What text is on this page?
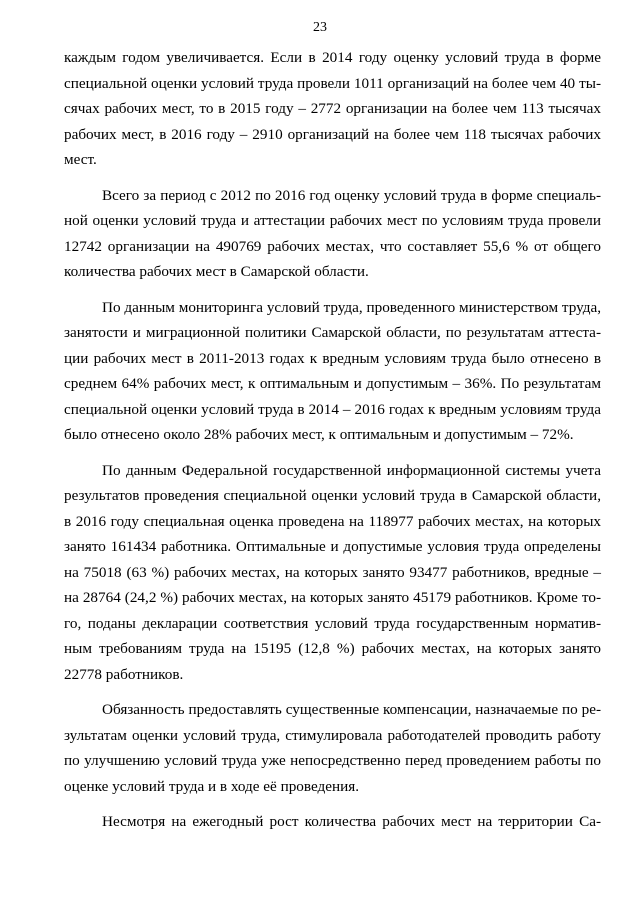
23

каждым годом увеличивается. Если в 2014 году оценку условий труда в форме специальной оценки условий труда провели 1011 организаций на более чем 40 тысячах рабочих мест, то в 2015 году – 2772 организации на более чем 113 тысячах рабочих мест, в 2016 году – 2910 организаций на более чем 118 тысячах рабочих мест.

Всего за период с 2012 по 2016 год оценку условий труда в форме специальной оценки условий труда и аттестации рабочих мест по условиям труда провели 12742 организации на 490769 рабочих местах, что составляет 55,6 % от общего количества рабочих мест в Самарской области.

По данным мониторинга условий труда, проведенного министерством труда, занятости и миграционной политики Самарской области, по результатам аттестации рабочих мест в 2011-2013 годах к вредным условиям труда было отнесено в среднем 64% рабочих мест, к оптимальным и допустимым – 36%. По результатам специальной оценки условий труда в 2014 – 2016 годах к вредным условиям труда было отнесено около 28% рабочих мест, к оптимальным и допустимым – 72%.

По данным Федеральной государственной информационной системы учета результатов проведения специальной оценки условий труда в Самарской области, в 2016 году специальная оценка проведена на 118977 рабочих местах, на которых занято 161434 работника. Оптимальные и допустимые условия труда определены на 75018 (63 %) рабочих местах, на которых занято 93477 работников, вредные – на 28764 (24,2 %) рабочих местах, на которых занято 45179 работников. Кроме того, поданы декларации соответствия условий труда государственным нормативным требованиям труда на 15195 (12,8 %) рабочих местах, на которых занято 22778 работников.

Обязанность предоставлять существенные компенсации, назначаемые по результатам оценки условий труда, стимулировала работодателей проводить работу по улучшению условий труда уже непосредственно перед проведением работы по оценке условий труда и в ходе её проведения.

Несмотря на ежегодный рост количества рабочих мест на территории Са-
